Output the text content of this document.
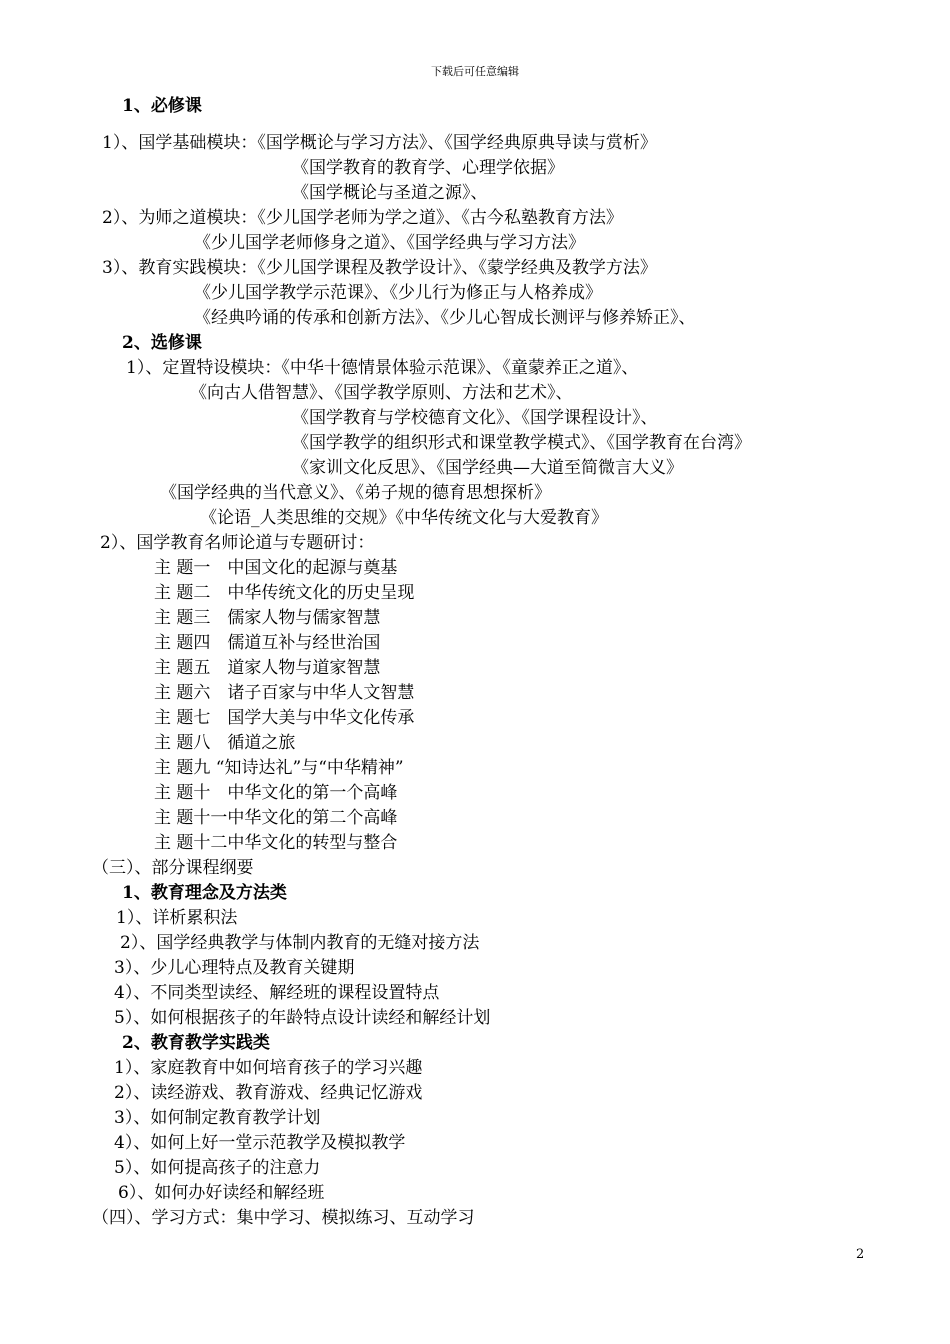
下载后可任意编辑
1、必修课
1）、国学基础模块：《国学概论与学习方法》、《国学经典原典导读与赏析》
《国学教育的教育学、心理学依据》
《国学概论与圣道之源》、
2）、为师之道模块：《少儿国学老师为学之道》、《古今私塾教育方法》
《少儿国学老师修身之道》、《国学经典与学习方法》
3）、教育实践模块：《少儿国学课程及教学设计》、《蒙学经典及教学方法》
《少儿国学教学示范课》、《少儿行为修正与人格养成》
《经典吟诵的传承和创新方法》、《少儿心智成长测评与修养矫正》、
2、选修课
1）、定置特设模块：《中华十德情景体验示范课》、《童蒙养正之道》、
《向古人借智慧》、《国学教学原则、方法和艺术》、
《国学教育与学校德育文化》、《国学课程设计》、
《国学教学的组织形式和课堂教学模式》、《国学教育在台湾》
《家训文化反思》、《国学经典—大道至简微言大义》
《国学经典的当代意义》、《弟子规的德育思想探析》
《论语_人类思维的交规》《中华传统文化与大爱教育》
2）、国学教育名师论道与专题研讨：
主 题一　中国文化的起源与奠基
主 题二　中华传统文化的历史呈现
主 题三　儒家人物与儒家智慧
主 题四　儒道互补与经世治国
主 题五　道家人物与道家智慧
主 题六　诸子百家与中华人文智慧
主 题七　国学大美与中华文化传承
主 题八　循道之旅
主 题九 “知诗达礼”与“中华精神”
主 题十　中华文化的第一个高峰
主 题十一中华文化的第二个高峰
主 题十二中华文化的转型与整合
（三）、部分课程纲要
1、教育理念及方法类
1）、详析累积法
2）、国学经典教学与体制内教育的无缝对接方法
3）、少儿心理特点及教育关键期
4）、不同类型读经、解经班的课程设置特点
5）、如何根据孩子的年龄特点设计读经和解经计划
2、教育教学实践类
1）、家庭教育中如何培育孩子的学习兴趣
2）、读经游戏、教育游戏、经典记忆游戏
3）、如何制定教育教学计划
4）、如何上好一堂示范教学及模拟教学
5）、如何提高孩子的注意力
6）、如何办好读经和解经班
（四）、学习方式：集中学习、模拟练习、互动学习
2
